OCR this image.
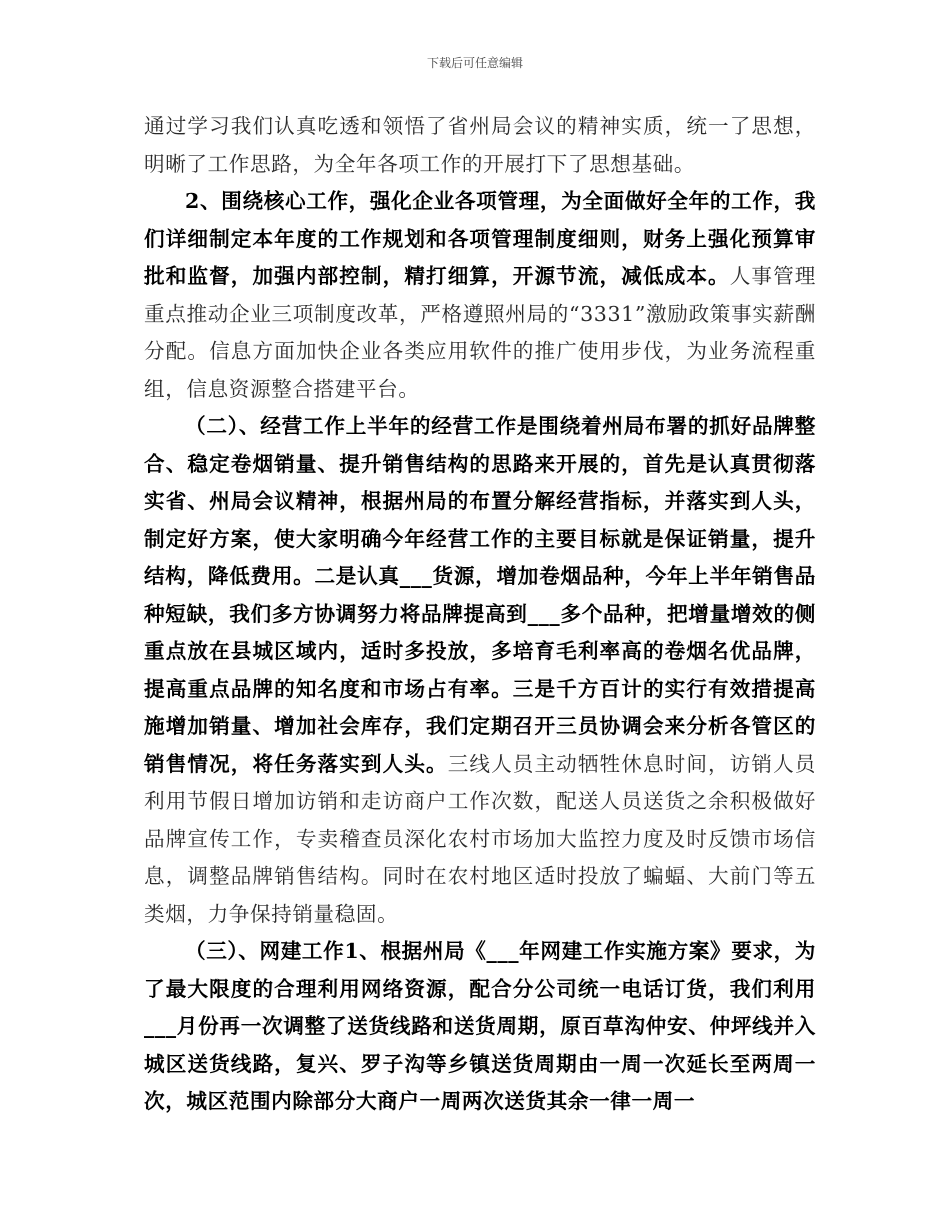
下载后可任意编辑

通过学习我们认真吃透和领悟了省州局会议的精神实质，统一了思想，明晰了工作思路，为全年各项工作的开展打下了思想基础。

2、围绕核心工作，强化企业各项管理，为全面做好全年的工作，我们详细制定本年度的工作规划和各项管理制度细则，财务上强化预算审批和监督，加强内部控制，精打细算，开源节流，减低成本。人事管理重点推动企业三项制度改革，严格遵照州局的“3331”激励政策事实薪酬分配。信息方面加快企业各类应用软件的推广使用步伐，为业务流程重组，信息资源整合搭建平台。

（二）、经营工作上半年的经营工作是围绕着州局布署的抓好品牌整合、稳定卷烟销量、提升销售结构的思路来开展的，首先是认真贯彻落实省、州局会议精神，根据州局的布置分解经营指标，并落实到人头，制定好方案，使大家明确今年经营工作的主要目标就是保证销量，提升结构，降低费用。二是认真___货源，增加卷烟品种，今年上半年销售品种短缺，我们多方协调努力将品牌提高到___多个品种，把增量增效的侧重点放在县城区域内，适时多投放，多培育毛利率高的卷烟名优品牌，提高重点品牌的知名度和市场占有率。三是千方百计的实行有效措提高施增加销量、增加社会库存，我们定期召开三员协调会来分析各管区的销售情况，将任务落实到人头。三线人员主动牺牲休息时间，访销人员利用节假日增加访销和走访商户工作次数，配送人员送货之余积极做好品牌宣传工作，专卖稽查员深化农村市场加大监控力度及时反馈市场信息，调整品牌销售结构。同时在农村地区适时投放了蝙蝠、大前门等五类烟，力争保持销量稳固。

（三）、网建工作1、根据州局《___年网建工作实施方案》要求，为了最大限度的合理利用网络资源，配合分公司统一电话订货，我们利用___月份再一次调整了送货线路和送货周期，原百草沟仲安、仲坪线并入城区送货线路，复兴、罗子沟等乡镇送货周期由一周一次延长至两周一次，城区范围内除部分大商户一周两次送货其余一律一周一
